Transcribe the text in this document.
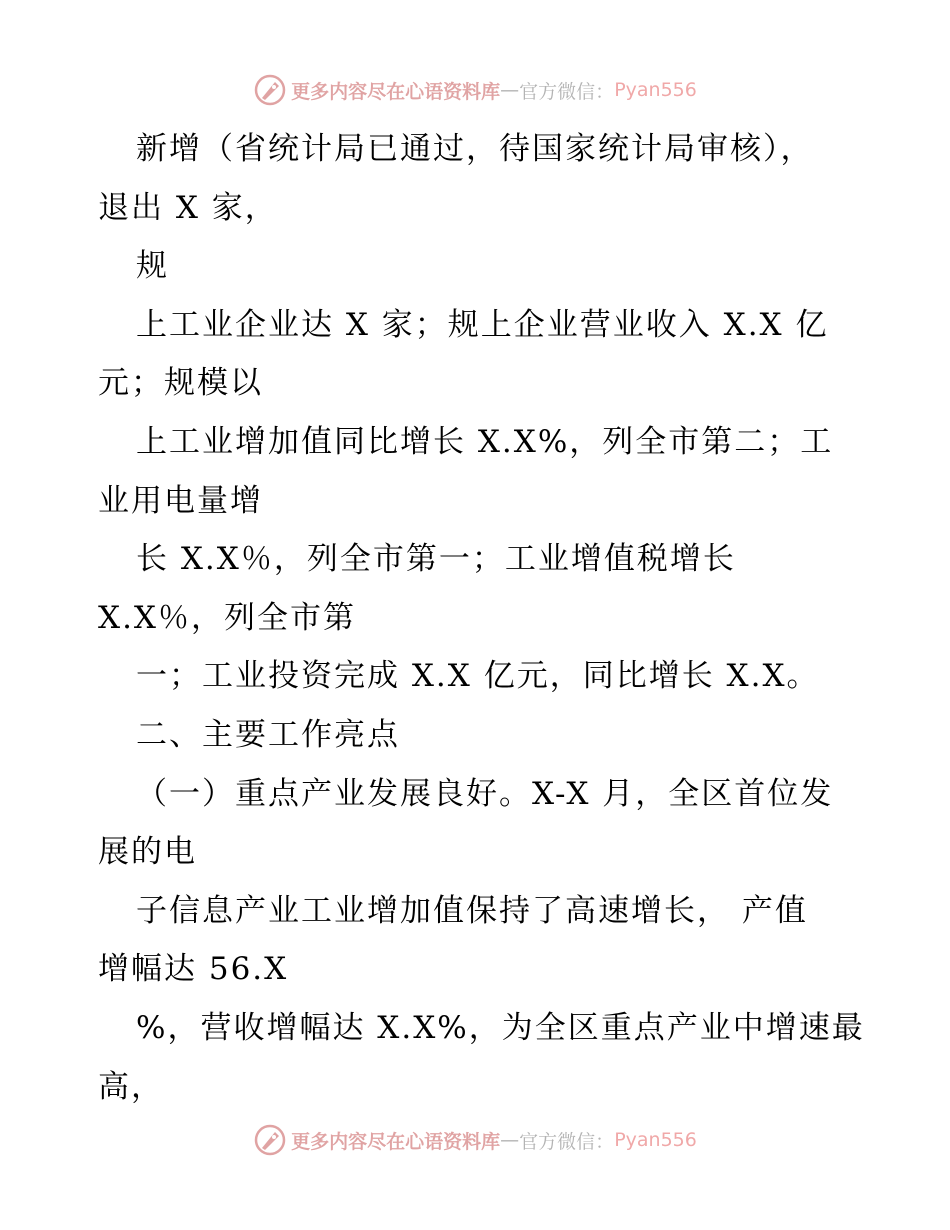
更多内容尽在心语资料库 — 官方微信： Pyan556
新增（省统计局已通过，待国家统计局审核），
退出 X 家，
规
上工业企业达 X 家；规上企业营业收入 X.X 亿
元；规模以
上工业增加值同比增长 X.X%，列全市第二；工
业用电量增
长 X.X％，列全市第一；工业增值税增长
X.X％，列全市第
一；工业投资完成 X.X 亿元，同比增长 X.X。
二、主要工作亮点
（一）重点产业发展良好。X-X 月，全区首位发
展的电
子信息产业工业增加值保持了高速增长， 产值
增幅达 56.X
%，营收增幅达 X.X%，为全区重点产业中增速最
高，
更多内容尽在心语资料库 — 官方微信： Pyan556
